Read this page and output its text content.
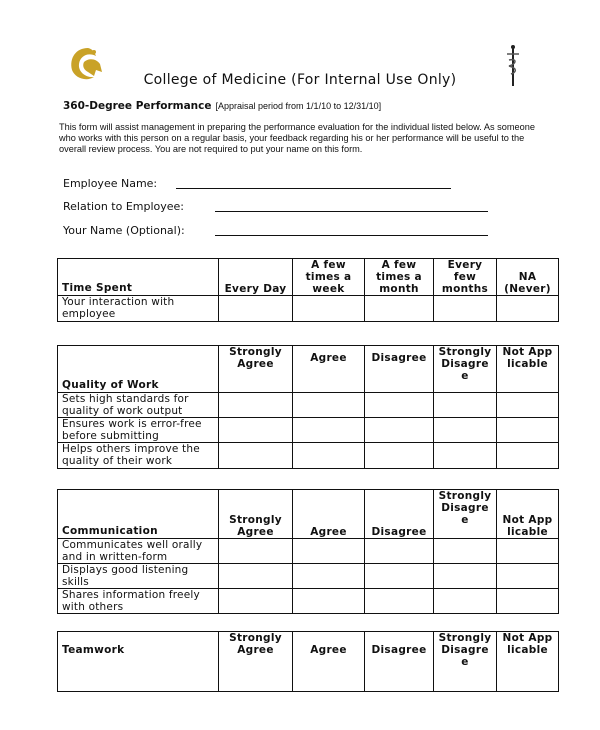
College of Medicine (For Internal Use Only)
360-Degree Performance [Appraisal period from 1/1/10 to 12/31/10]
This form will assist management in preparing the performance evaluation for the individual listed below. As someone who works with this person on a regular basis, your feedback regarding his or her performance will be useful to the overall review process. You are not required to put your name on this form.
Employee Name:
Relation to Employee:
Your Name (Optional):
Time Spent	Every Day	A few times a week	A few times a month	Every few months	NA (Never)
Your interaction with employee					
Quality of Work	Strongly Agree	Agree	Disagree	Strongly Disagree	Not Applicable
Sets high standards for quality of work output					
Ensures work is error-free before submitting					
Helps others improve the quality of their work					
Communication	Strongly Agree	Agree	Disagree	Strongly Disagree	Not Applicable
Communicates well orally and in written-form					
Displays good listening skills					
Shares information freely with others					
Teamwork	Strongly Agree	Agree	Disagree	Strongly Disagree	Not Applicable
